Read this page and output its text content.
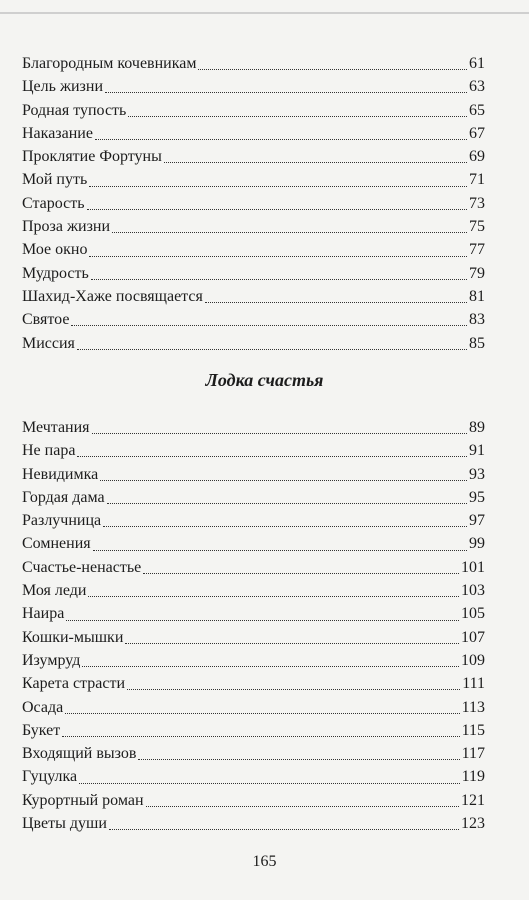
Благородным кочевникам	61
Цель жизни	63
Родная тупость	65
Наказание	67
Проклятие Фортуны	69
Мой путь	71
Старость	73
Проза жизни	75
Мое окно	77
Мудрость	79
Шахид-Хаже посвящается	81
Святое	83
Миссия	85
Лодка счастья
Мечтания	89
Не пара	91
Невидимка	93
Гордая дама	95
Разлучница	97
Сомнения	99
Счастье-ненастье	101
Моя леди	103
Наира	105
Кошки-мышки	107
Изумруд	109
Карета страсти	111
Осада	113
Букет	115
Входящий вызов	117
Гуцулка	119
Курортный роман	121
Цветы души	123
165
